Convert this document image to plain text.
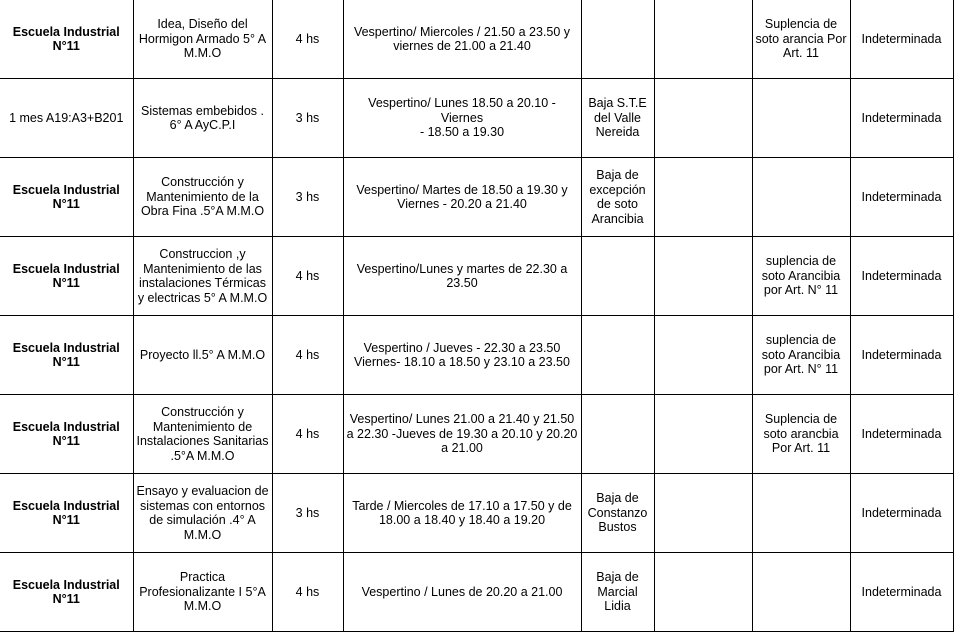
Escuela Industrial
N°11	Idea, Diseño del
Hormigon Armado 5° A
M.M.O	4 hs	Vespertino/ Miercoles / 21.50 a 23.50 y
viernes de 21.00 a 21.40			Suplencia de
soto arancia Por
Art. 11	Indeterminada
1 mes A19:A3+B201	Sistemas embebidos .
6° A AyC.P.I	3 hs	Vespertino/ Lunes 18.50 a 20.10 - Viernes
- 18.50 a 19.30	Baja S.T.E
del Valle
Nereida			Indeterminada
Escuela Industrial
N°11	Construcción y
Mantenimiento de la
Obra Fina .5°A M.M.O	3 hs	Vespertino/ Martes de 18.50 a 19.30 y
Viernes - 20.20 a 21.40	Baja de
excepción
de soto
Arancibia			Indeterminada
Escuela Industrial
N°11	Construccion ,y
Mantenimiento de las
instalaciones Térmicas
y electricas 5° A M.M.O	4 hs	Vespertino/Lunes y martes de 22.30 a
23.50			suplencia de
soto Arancibia
por Art. N° 11	Indeterminada
Escuela Industrial
N°11	Proyecto ll.5° A M.M.O	4 hs	Vespertino / Jueves - 22.30 a 23.50
Viernes- 18.10 a 18.50 y 23.10 a 23.50			suplencia de
soto Arancibia
por Art. N° 11	Indeterminada
Escuela Industrial
N°11	Construcción y
Mantenimiento de
Instalaciones Sanitarias
.5°A M.M.O	4 hs	Vespertino/ Lunes 21.00 a 21.40 y 21.50
a 22.30 -Jueves de 19.30 a 20.10 y 20.20
a 21.00			Suplencia de
soto arancbia
Por Art. 11	Indeterminada
Escuela Industrial
N°11	Ensayo y evaluacion de
sistemas con entornos
de simulación .4° A
M.M.O	3 hs	Tarde / Miercoles de 17.10 a 17.50 y de
18.00 a 18.40 y 18.40 a 19.20	Baja de
Constanzo
Bustos			Indeterminada
Escuela Industrial
N°11	Practica
Profesionalizante I 5°A
M.M.O	4 hs	Vespertino / Lunes de 20.20 a 21.00	Baja de
Marcial
Lidia			Indeterminada
